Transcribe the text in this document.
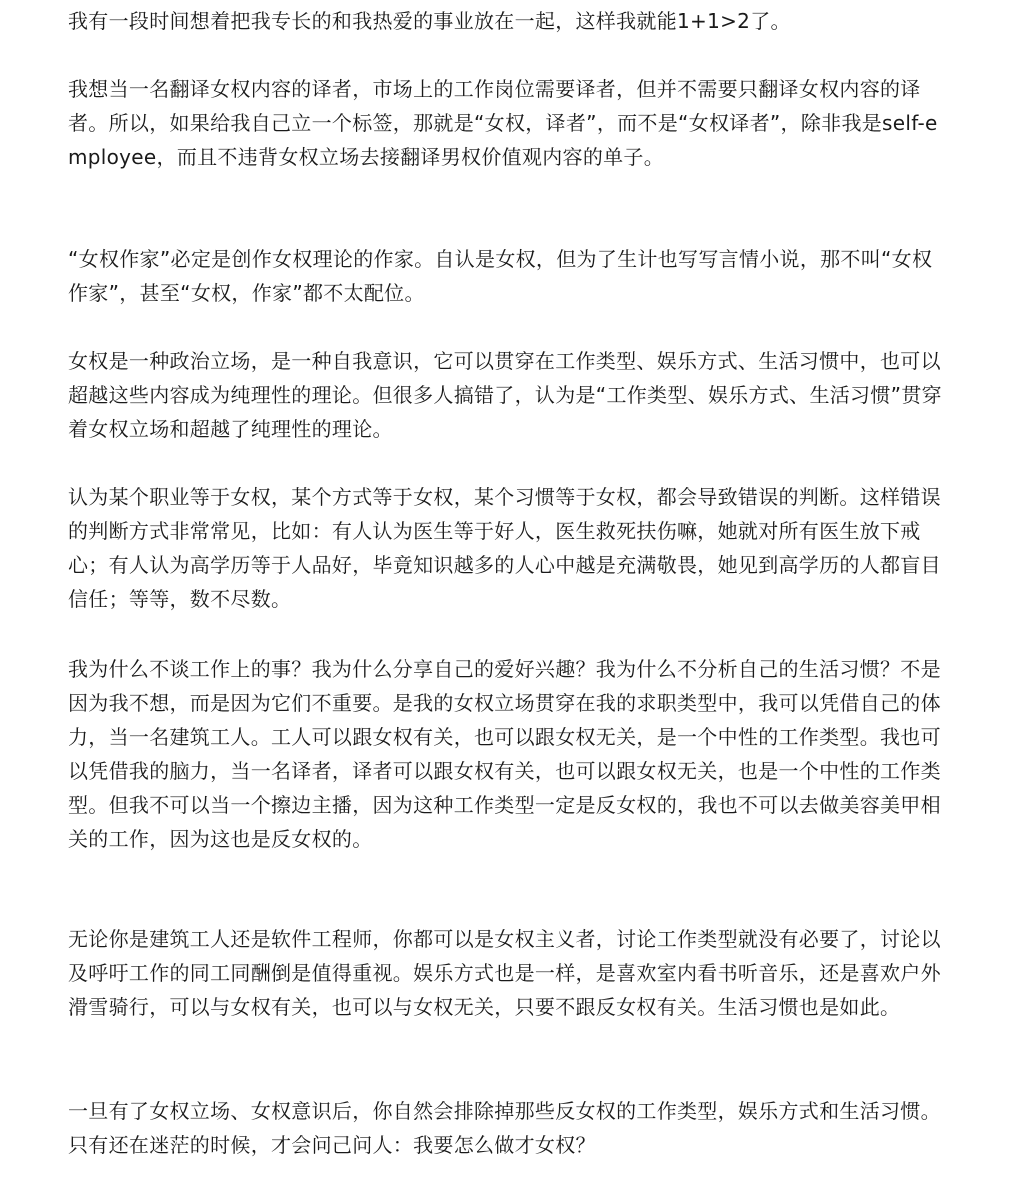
我有一段时间想着把我专长的和我热爱的事业放在一起，这样我就能1+1>2了。

我想当一名翻译女权内容的译者，市场上的工作岗位需要译者，但并不需要只翻译女权内容的译者。所以，如果给我自己立一个标签，那就是“女权，译者”，而不是“女权译者”，除非我是self-employee，而且不违背女权立场去接翻译男权价值观内容的单子。

“女权作家”必定是创作女权理论的作家。自认是女权，但为了生计也写写言情小说，那不叫“女权作家”，甚至“女权，作家”都不太配位。

女权是一种政治立场，是一种自我意识，它可以贯穿在工作类型、娱乐方式、生活习惯中，也可以超越这些内容成为纯理性的理论。但很多人搞错了，认为是“工作类型、娱乐方式、生活习惯”贯穿着女权立场和超越了纯理性的理论。

认为某个职业等于女权，某个方式等于女权，某个习惯等于女权，都会导致错误的判断。这样错误的判断方式非常常见，比如：有人认为医生等于好人，医生救死扶伤嘛，她就对所有医生放下戒心；有人认为高学历等于人品好，毕竟知识越多的人心中越是充满敬畏，她见到高学历的人都盲目信任；等等，数不尽数。

我为什么不谈工作上的事？我为什么分享自己的爱好兴趣？我为什么不分析自己的生活习惯？不是因为我不想，而是因为它们不重要。是我的女权立场贯穿在我的求职类型中，我可以凭借自己的体力，当一名建筑工人。工人可以跟女权有关，也可以跟女权无关，是一个中性的工作类型。我也可以凭借我的脑力，当一名译者，译者可以跟女权有关，也可以跟女权无关，也是一个中性的工作类型。但我不可以当一个擦边主播，因为这种工作类型一定是反女权的，我也不可以去做美容美甲相关的工作，因为这也是反女权的。

无论你是建筑工人还是软件工程师，你都可以是女权主义者，讨论工作类型就没有必要了，讨论以及呼吁工作的同工同酬倒是值得重视。娱乐方式也是一样，是喜欢室内看书听音乐，还是喜欢户外滑雪骑行，可以与女权有关，也可以与女权无关，只要不跟反女权有关。生活习惯也是如此。

一旦有了女权立场、女权意识后，你自然会排除掉那些反女权的工作类型，娱乐方式和生活习惯。只有还在迷茫的时候，才会问己问人：我要怎么做才女权？
